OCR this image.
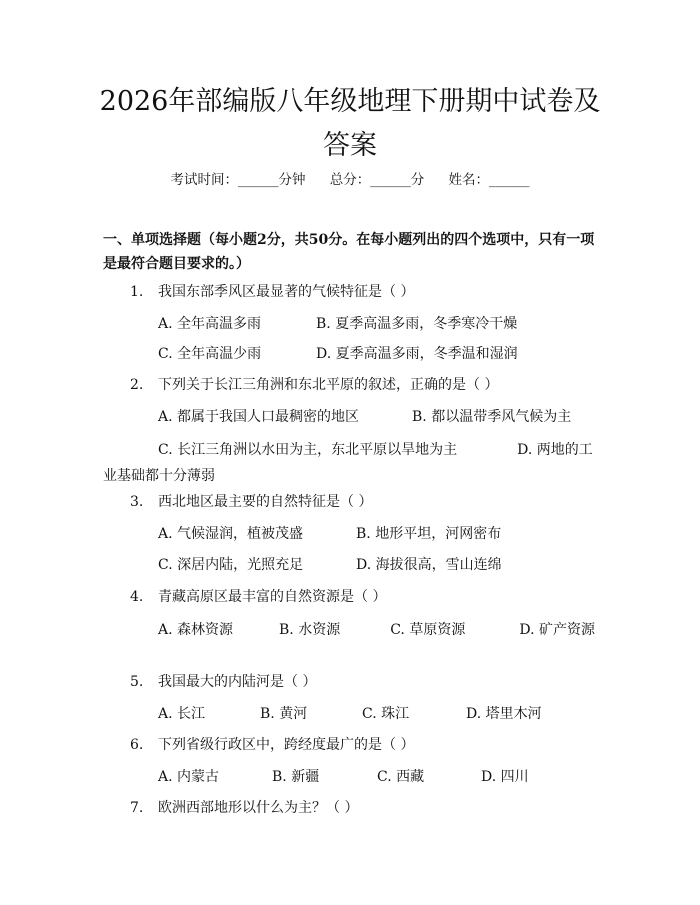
2026年部编版八年级地理下册期中试卷及答案
考试时间：______分钟 总分：______分 姓名：______
一、单项选择题（每小题2分，共50分。在每小题列出的四个选项中，只有一项是最符合题目要求的。）
1. 我国东部季风区最显著的气候特征是（ ）
A. 全年高温多雨	B. 夏季高温多雨，冬季寒冷干燥
C. 全年高温少雨	D. 夏季高温多雨，冬季温和湿润
2. 下列关于长江三角洲和东北平原的叙述，正确的是（ ）
A. 都属于我国人口最稠密的地区	B. 都以温带季风气候为主
C. 长江三角洲以水田为主，东北平原以旱地为主	D. 两地的工业基础都十分薄弱
3. 西北地区最主要的自然特征是（ ）
A. 气候湿润，植被茂盛	B. 地形平坦，河网密布
C. 深居内陆，光照充足	D. 海拔很高，雪山连绵
4. 青藏高原区最丰富的自然资源是（ ）
A. 森林资源	B. 水资源	C. 草原资源	D. 矿产资源
5. 我国最大的内陆河是（ ）
A. 长江	B. 黄河	C. 珠江	D. 塔里木河
6. 下列省级行政区中，跨经度最广的是（ ）
A. 内蒙古	B. 新疆	C. 西藏	D. 四川
7. 欧洲西部地形以什么为主？（ ）
